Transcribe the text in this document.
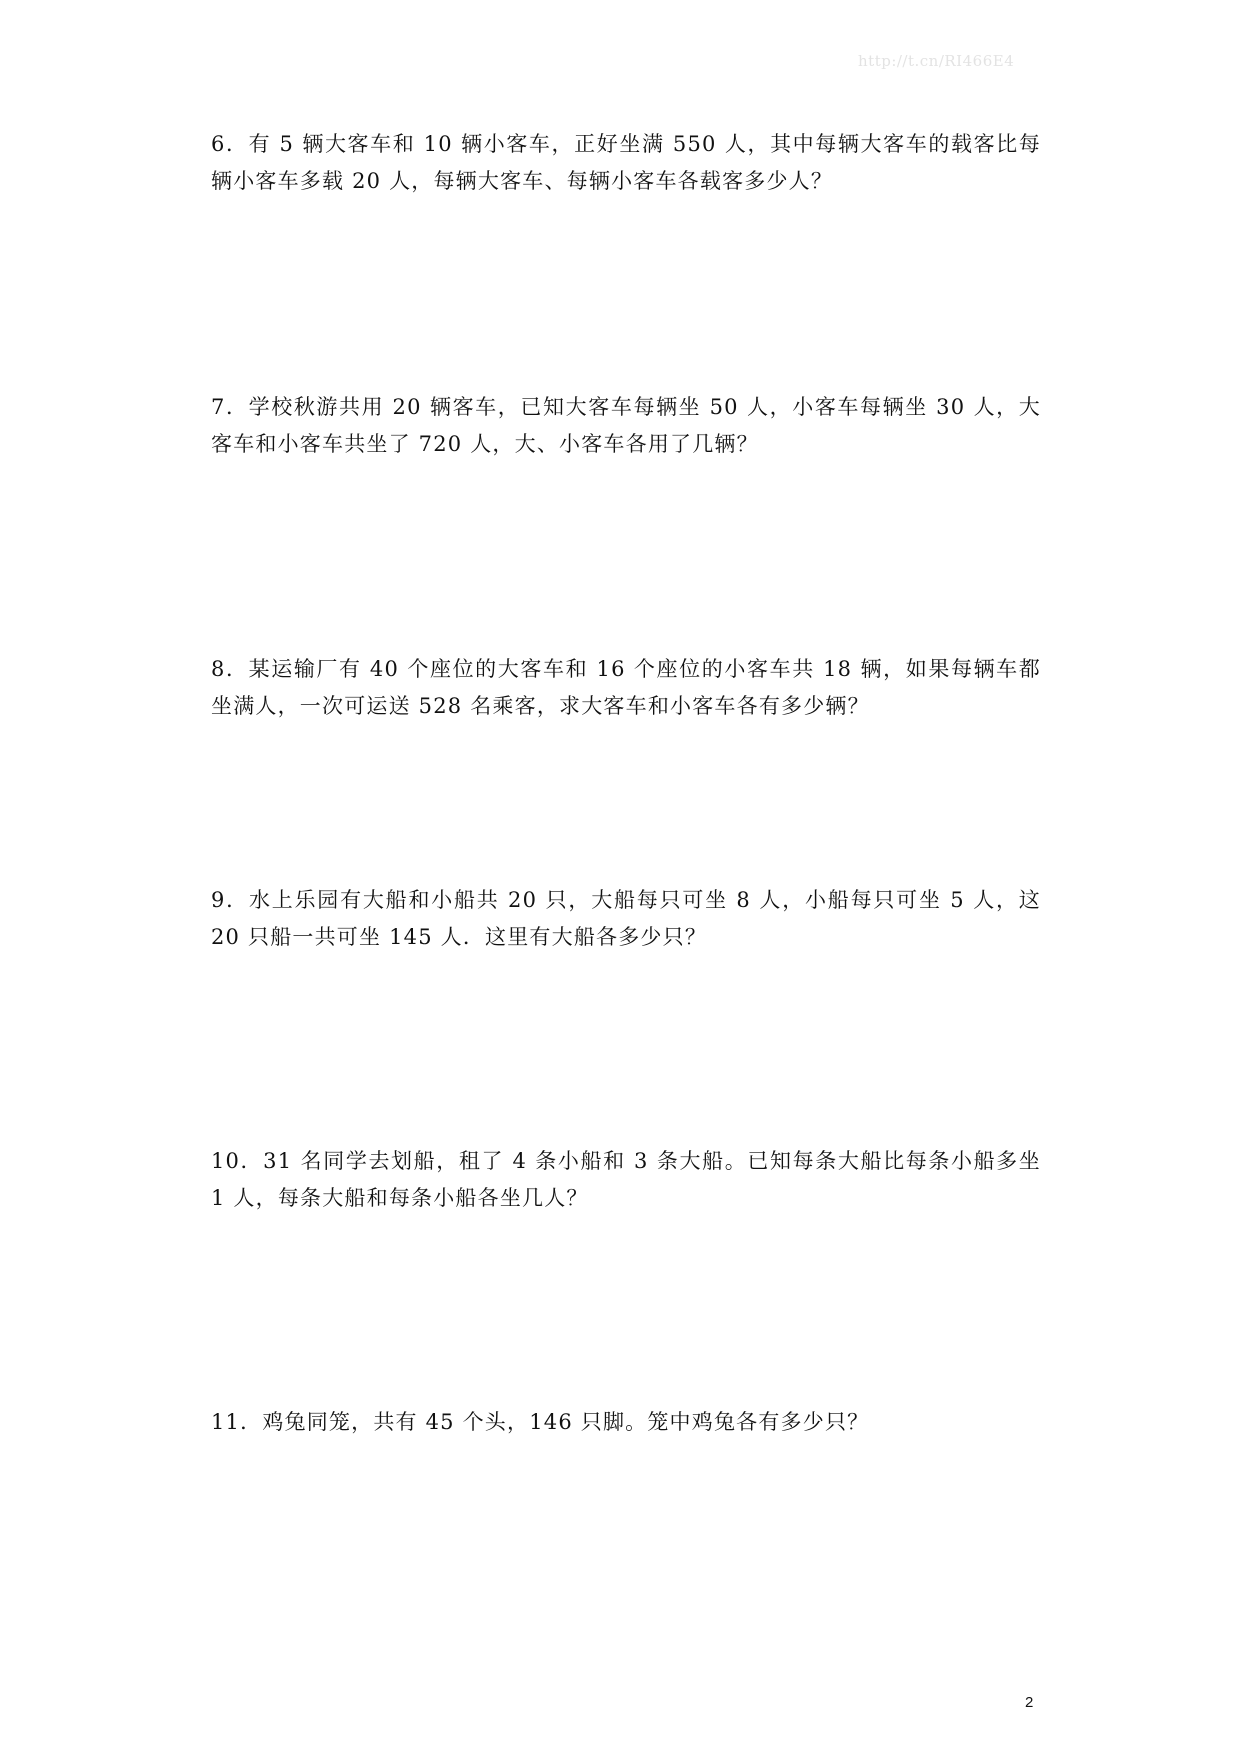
http://t.cn/RI466E4

6．有 5 辆大客车和 10 辆小客车，正好坐满 550 人，其中每辆大客车的载客比每辆小客车多载 20 人，每辆大客车、每辆小客车各载客多少人？

7．学校秋游共用 20 辆客车，已知大客车每辆坐 50 人，小客车每辆坐 30 人，大客车和小客车共坐了 720 人，大、小客车各用了几辆？

8．某运输厂有 40 个座位的大客车和 16 个座位的小客车共 18 辆，如果每辆车都坐满人，一次可运送 528 名乘客，求大客车和小客车各有多少辆？

9．水上乐园有大船和小船共 20 只，大船每只可坐 8 人，小船每只可坐 5 人，这 20 只船一共可坐 145 人．这里有大船各多少只？

10．31 名同学去划船，租了 4 条小船和 3 条大船。已知每条大船比每条小船多坐 1 人，每条大船和每条小船各坐几人？

11．鸡兔同笼，共有 45 个头，146 只脚。笼中鸡兔各有多少只？

2
